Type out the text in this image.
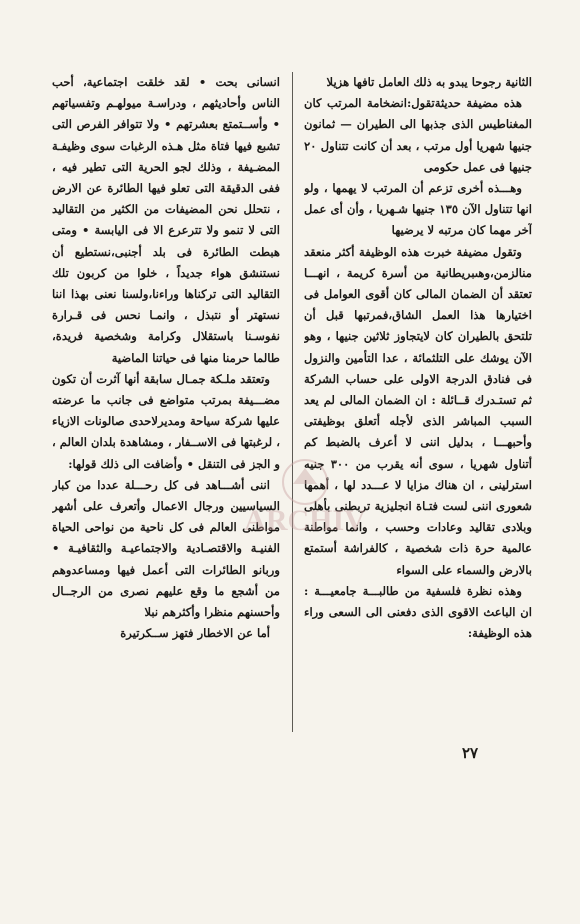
الثانية رجوحا يبدو به ذلك العامل تافها هزيلا

هذه مضيفة حديثةتقول:انضخامة المرتب كان المغناطيس الذى جذبها الى الطيران — ثمانون جنيها شهريا أول مرتب ، بعد أن كانت تتناول ٢٠ جنيها فى عمل حكومى

وهـــذه أخرى تزعم أن المرتب لا يهمها ، ولو انها تتناول الآن ١٣٥ جنيها شـهريا ، وأن أى عمل آخر مهما كان مرتبه لا يرضيها

وتقول مضيفة خبرت هذه الوظيفة أكثر منعقد منالزمن،وهىبريطانية من أسرة كريمة ، انهـــا تعتقد أن الضمان المالى كان أقوى العوامل فى اختيارها هذا العمل الشاق،فمرتبها قبل أن تلتحق بالطيران كان لايتجاوز ثلاثين جنيها ، وهو الآن يوشك على التلثمائة ، عدا التأمين والنزول فى فنادق الدرجة الاولى على حساب الشركة ثم تستـدرك قــائلة : ان الضمان المالى لم يعد السبب المباشر الذى لأجله أتعلق بوظيفتى وأحبهـــا ، بدليل اننى لا أعرف بالضبط كم أتناول شهريا ، سوى أنه يقرب من ٣٠٠ جنيه استرلينى ، ان هناك مزايا لا عـــدد لها ، أهمها شعورى اننى لست فتـاة انجليزية تربطنى بأهلى وبلادى تقاليد وعادات وحسب ، وانما مواطنة عالمية حرة ذات شخصية ، كالفراشة أستمتع بالارض والسماء على السواء

وهذه نظرة فلسفية من طالبـــة جامعيـــة : ان الباعث الاقوى الذى دفعنى الى السعى وراء هذه الوظيفة:

انسانى بحت • لقد خلقت اجتماعية، أحب الناس وأحاديثهم ، ودراسـة ميولهـم وتفسياتهم • وأســتمتع بعشرتهم • ولا تتوافر الفرص التى تشبع فيها فتاة مثل هـذه الرغبات سوى وظيفـة المضـيفة ، وذلك لجو الحرية التى تطير فيه ، ففى الدقيقة التى تعلو فيها الطائرة عن الارض ، نتحلل نحن المضيفات من الكثير من التقاليد التى لا تنمو ولا تترعرع الا فى اليابسة • ومتى هبطت الطائرة فى بلد أجنبى،نستطيع أن نستنشق هواء جديداً ، خلوا من كربون تلك التقاليد التى تركناها وراءنا،ولسنا نعنى بهذا اننا نستهتر أو نتبذل ، وانمـا نحس فى قـرارة نفوسـنا باستقلال وكرامة وشخصية فريدة، طالما حرمنا منها فى حياتنا الماضية

وتعتقد ملـكة جمـال سابقة أنها آثرت أن تكون مضـــيفة بمرتب متواضع فى جانب ما عرضته عليها شركة سياحة ومديرلاحدى صالونات الازياء ، لرغبتها فى الاســفار ، ومشاهدة بلدان العالم ، و الجز فى التنقل • وأضافت الى ذلك قولها:

اننى أشـــاهد فى كل رحـــلة عددا من كبار السياسيين ورجال الاعمال وأتعرف على أشهر مواطنى العالم فى كل ناحية من نواحى الحياة الفنيـة والاقتصـادية والاجتماعيـة والثقافيـة • وربانو الطائرات التى أعمل فيها ومساعدوهم من أشجع ما وقع عليهم نصرى من الرجــال وأحسنهم منظرا وأكثرهم نبلا

أما عن الاخطار فتهز ســكرتيرة

ARCHIV
٢٧
